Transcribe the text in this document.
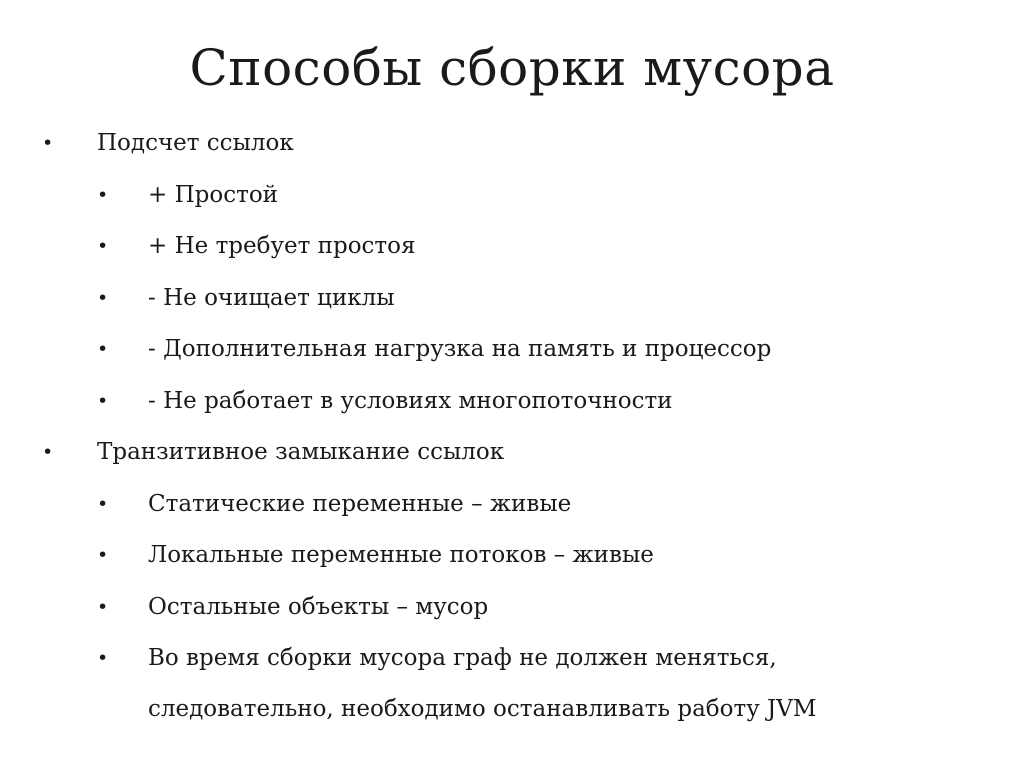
Способы сборки мусора
• Подсчет ссылок
• + Простой
• + Не требует простоя
• - Не очищает циклы
• - Дополнительная нагрузка на память и процессор
• - Не работает в условиях многопоточности
• Транзитивное замыкание ссылок
• Статические переменные – живые
• Локальные переменные потоков – живые
• Остальные объекты – мусор
• Во время сборки мусора граф не должен меняться,
следовательно, необходимо останавливать работу JVM
